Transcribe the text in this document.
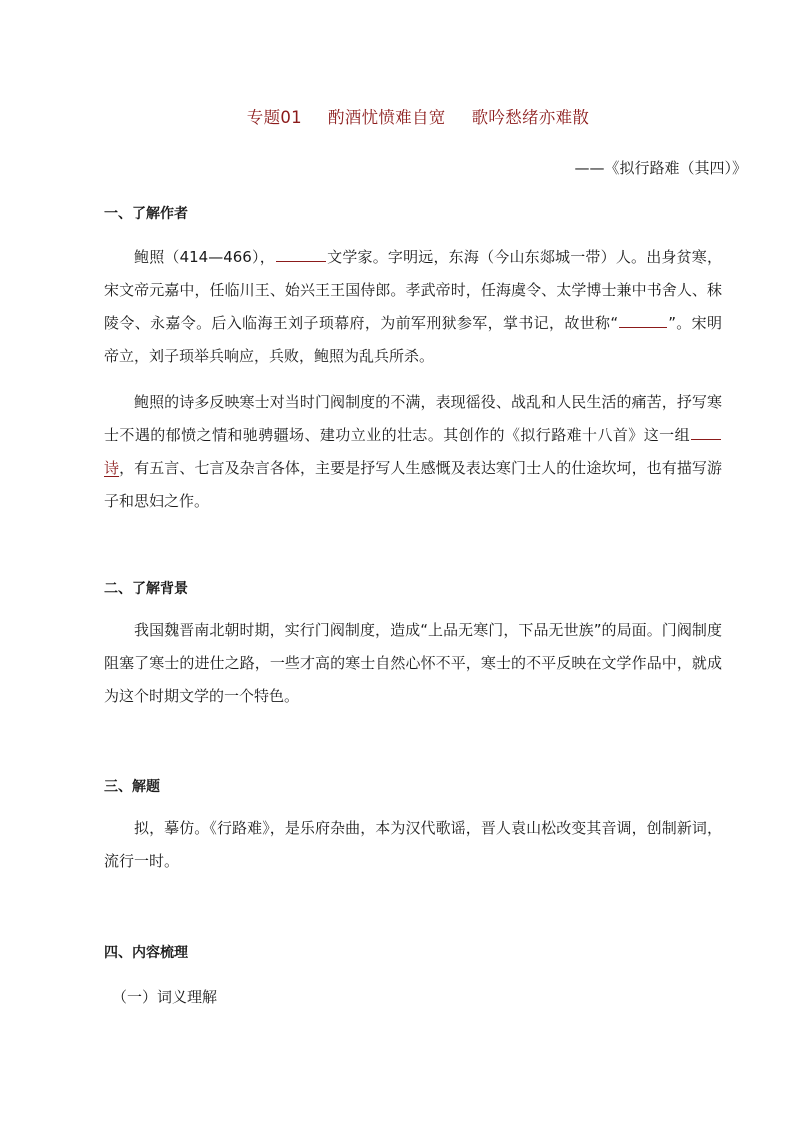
专题01 酌酒忧愤难自宽 歌吟愁绪亦难散
——《拟行路难（其四）》
一、了解作者
鲍照（414—466），	文学家。字明远，东海（今山东郯城一带）人。出身贫寒，宋文帝元嘉中，任临川王、始兴王王国侍郎。孝武帝时，任海虞令、太学博士兼中书舍人、秣陵令、永嘉令。后入临海王刘子顼幕府，为前军刑狱参军，掌书记，故世称“	”。宋明帝立，刘子顼举兵响应，兵败，鲍照为乱兵所杀。
鲍照的诗多反映寒士对当时门阀制度的不满，表现徭役、战乱和人民生活的痛苦，抒写寒士不遇的郁愤之情和驰骋疆场、建功立业的壮志。其创作的《拟行路难十八首》这一组诗，有五言、七言及杂言各体，主要是抒写人生感慨及表达寒门士人的仕途坎坷，也有描写游子和思妇之作。
二、了解背景
我国魏晋南北朝时期，实行门阀制度，造成“上品无寒门，下品无世族”的局面。门阀制度阻塞了寒士的进仕之路，一些才高的寒士自然心怀不平，寒士的不平反映在文学作品中，就成为这个时期文学的一个特色。
三、解题
拟，摹仿。《行路难》，是乐府杂曲，本为汉代歌谣，晋人袁山松改变其音调，创制新词，流行一时。
四、内容梳理
（一）词义理解
